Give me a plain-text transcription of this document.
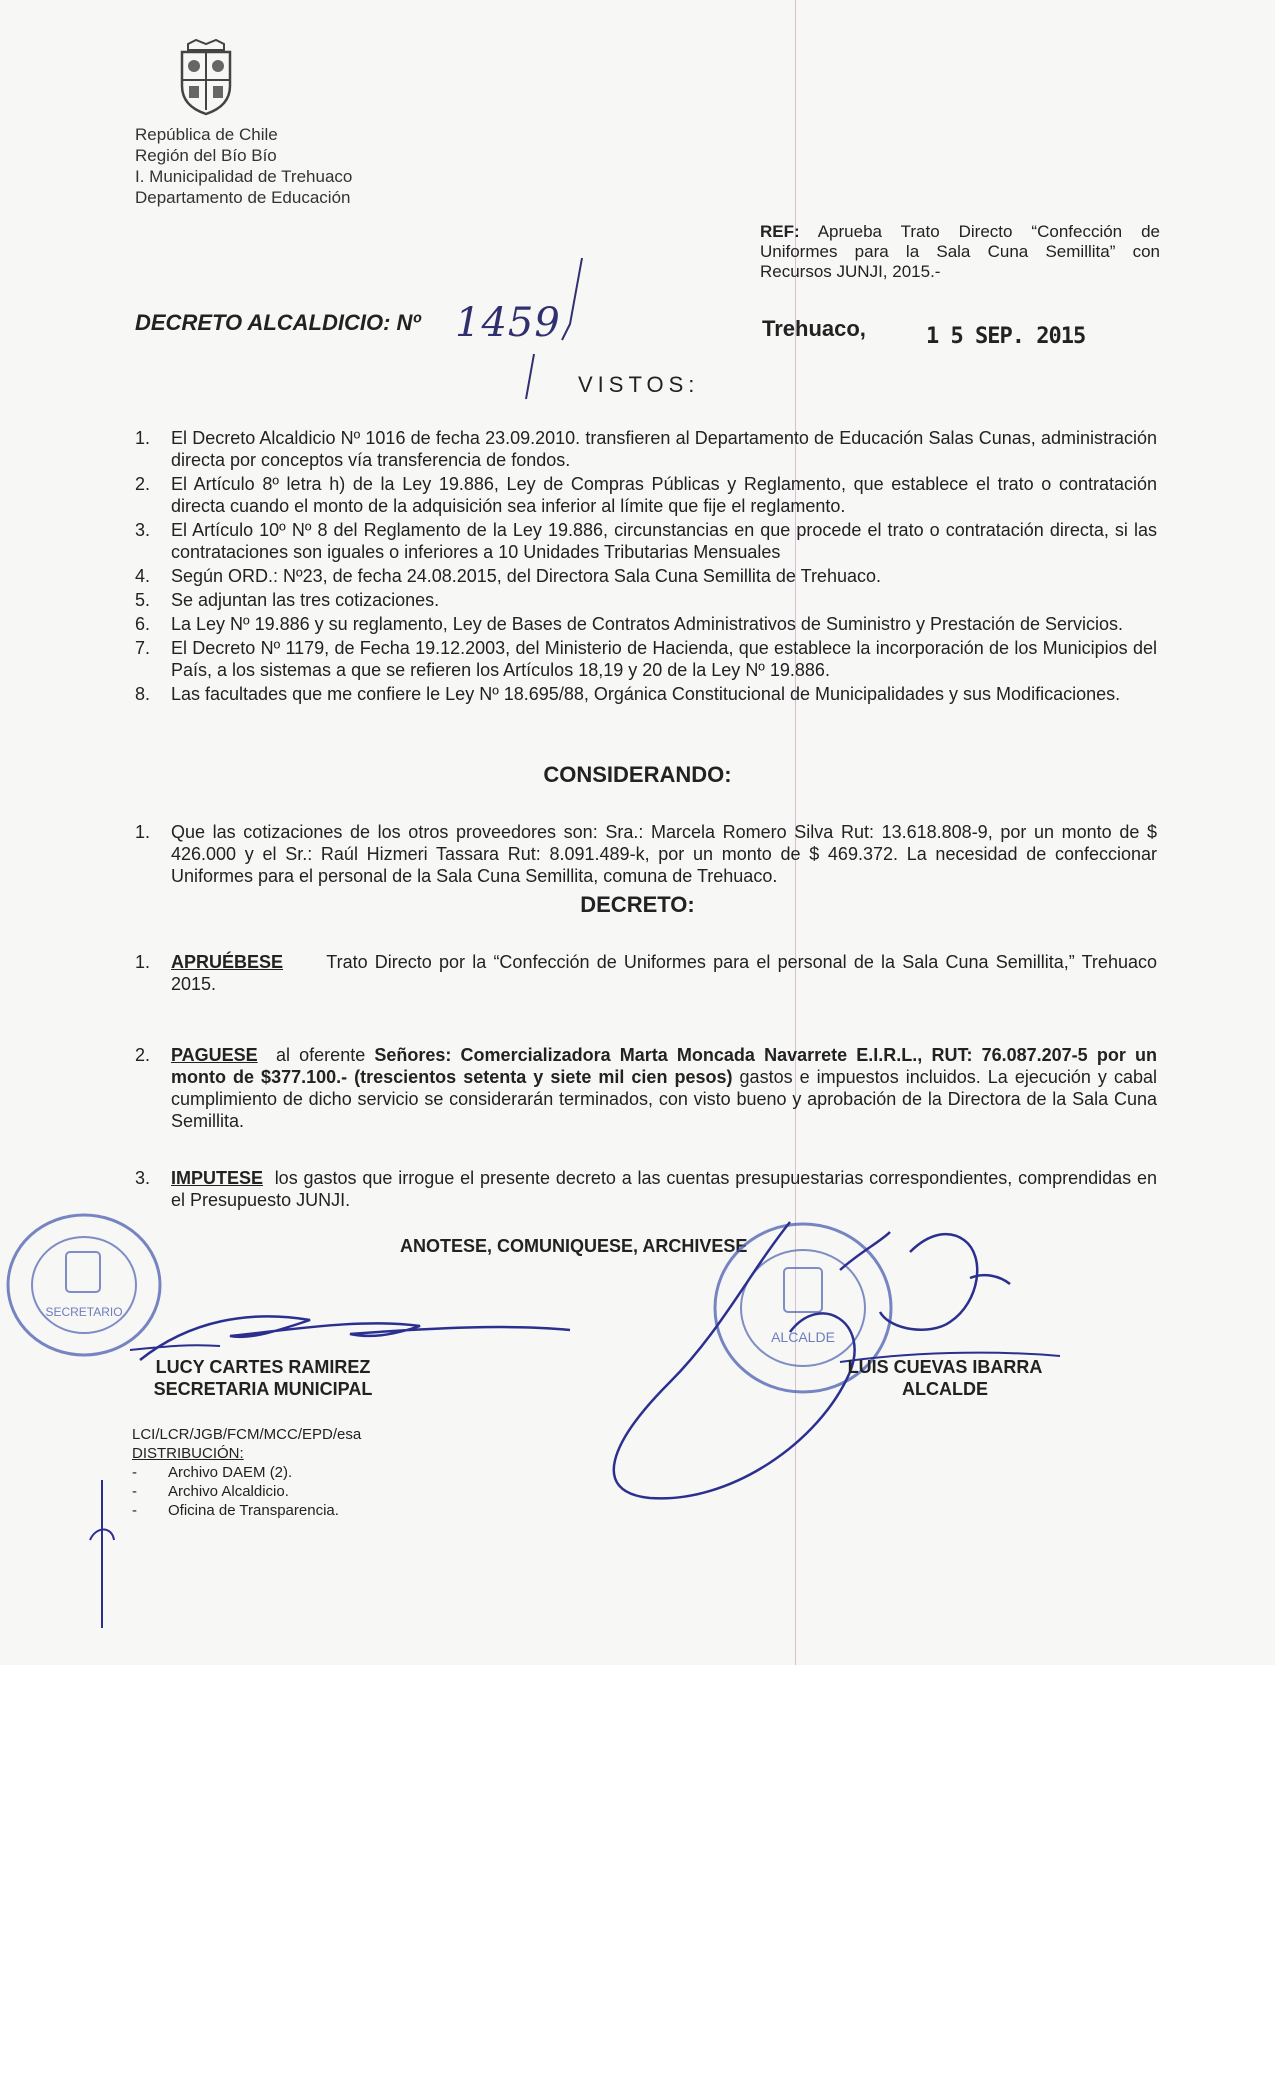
República de Chile
Región del Bío Bío
I. Municipalidad de Trehuaco
Departamento de Educación
REF: Aprueba Trato Directo “Confección de Uniformes para la Sala Cuna Semillita” con Recursos JUNJI, 2015.-
DECRETO ALCALDICIO: Nº 1459	Trehuaco,	1 5 SEP. 2015
VISTOS:
1. El Decreto Alcaldicio Nº 1016 de fecha 23.09.2010. transfieren al Departamento de Educación Salas Cunas, administración directa por conceptos vía transferencia de fondos.
2. El Artículo 8º letra h) de la Ley 19.886, Ley de Compras Públicas y Reglamento, que establece el trato o contratación directa cuando el monto de la adquisición sea inferior al límite que fije el reglamento.
3. El Artículo 10º Nº 8 del Reglamento de la Ley 19.886, circunstancias en que procede el trato o contratación directa, si las contrataciones son iguales o inferiores a 10 Unidades Tributarias Mensuales
4. Según ORD.: Nº23, de fecha 24.08.2015, del Directora Sala Cuna Semillita de Trehuaco.
5. Se adjuntan las tres cotizaciones.
6. La Ley Nº 19.886 y su reglamento, Ley de Bases de Contratos Administrativos de Suministro y Prestación de Servicios.
7. El Decreto Nº 1179, de Fecha 19.12.2003, del Ministerio de Hacienda, que establece la incorporación de los Municipios del País, a los sistemas a que se refieren los Artículos 18,19 y 20 de la Ley Nº 19.886.
8. Las facultades que me confiere le Ley Nº 18.695/88, Orgánica Constitucional de Municipalidades y sus Modificaciones.
CONSIDERANDO:
1. Que las cotizaciones de los otros proveedores son: Sra.: Marcela Romero Silva Rut: 13.618.808-9, por un monto de $ 426.000 y el Sr.: Raúl Hizmeri Tassara Rut: 8.091.489-k, por un monto de $ 469.372. La necesidad de confeccionar Uniformes para el personal de la Sala Cuna Semillita, comuna de Trehuaco.
DECRETO:
1. APRUÉBESE Trato Directo por la “Confección de Uniformes para el personal de la Sala Cuna Semillita,” Trehuaco 2015.
2. PAGUESE al oferente Señores: Comercializadora Marta Moncada Navarrete E.I.R.L., RUT: 76.087.207-5 por un monto de $377.100.- (trescientos setenta y siete mil cien pesos) gastos e impuestos incluidos. La ejecución y cabal cumplimiento de dicho servicio se considerarán terminados, con visto bueno y aprobación de la Directora de la Sala Cuna Semillita.
3. IMPUTESE los gastos que irrogue el presente decreto a las cuentas presupuestarias correspondientes, comprendidas en el Presupuesto JUNJI.
ANOTESE, COMUNIQUESE, ARCHIVESE
SECRETARIO
ALCALDE
LUCY CARTES RAMIREZ
SECRETARIA MUNICIPAL
LUIS CUEVAS IBARRA
ALCALDE
LCI/LCR/JGB/FCM/MCC/EPD/esa
DISTRIBUCIÓN:
- Archivo DAEM (2).
- Archivo Alcaldicio.
- Oficina de Transparencia.
